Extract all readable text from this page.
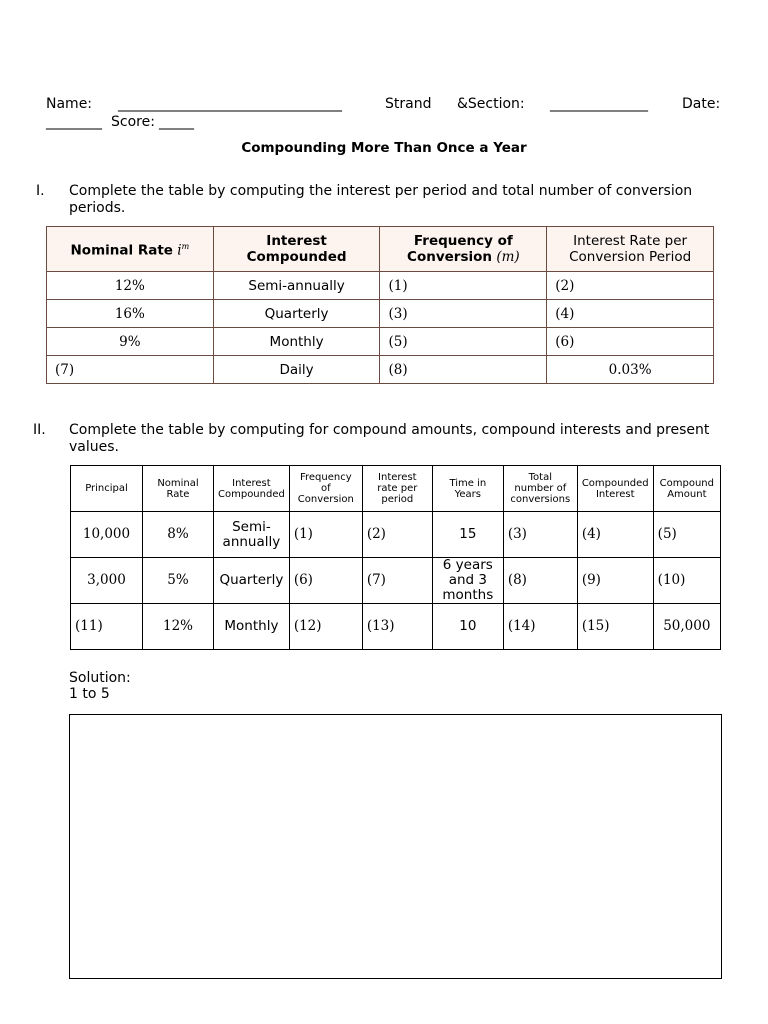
Name: ________________________________	Strand &Section: ______________ Date:
________ Score: _____
Compounding More Than Once a Year
I. Complete the table by computing the interest per period and total number of conversion periods.
Nominal Rate $i^m$	Interest Compounded	Frequency of Conversion (m)	Interest Rate per Conversion Period
12%	Semi-annually	(1)	(2)
16%	Quarterly	(3)	(4)
9%	Monthly	(5)	(6)
(7)	Daily	(8)	0.03%
II. Complete the table by computing for compound amounts, compound interests and present values.
Principal	Nominal Rate	Interest Compounded	Frequency of Conversion	Interest rate per period	Time in Years	Total number of conversions	Compounded Interest	Compound Amount
10,000	8%	Semi-annually	(1)	(2)	15	(3)	(4)	(5)
3,000	5%	Quarterly	(6)	(7)	6 years and 3 months	(8)	(9)	(10)
(11)	12%	Monthly	(12)	(13)	10	(14)	(15)	50,000
Solution:
1 to 5
